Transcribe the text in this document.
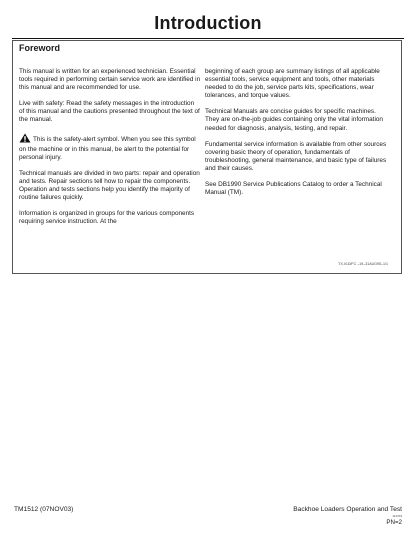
Introduction
Foreword

This manual is written for an experienced technician. Essential tools required in performing certain service work are identified in this manual and are recommended for use.

Live with safety: Read the safety messages in the introduction of this manual and the cautions presented throughout the text of the manual.

This is the safety-alert symbol. When you see this symbol on the machine or in this manual, be alert to the potential for personal injury.

Technical manuals are divided in two parts: repair and operation and tests. Repair sections tell how to repair the components. Operation and tests sections help you identify the majority of routine failures quickly.

Information is organized in groups for the various components requiring service instruction. At the

beginning of each group are summary listings of all applicable essential tools, service equipment and tools, other materials needed to do the job, service parts kits, specifications, wear tolerances, and torque values.

Technical Manuals are concise guides for specific machines. They are on-the-job guides containing only the vital information needed for diagnosis, analysis, testing, and repair.

Fundamental service information is available from other sources covering basic theory of operation, fundamentals of troubleshooting, general maintenance, and basic type of failures and their causes.

See DB1990 Service Publications Catalog to order a Technical Manual (TM).

TX,I/1D/FC –19–31AUG95–1/1
TM1512 (07NOV03)	Backhoe Loaders Operation and Test
111703
PN=2
